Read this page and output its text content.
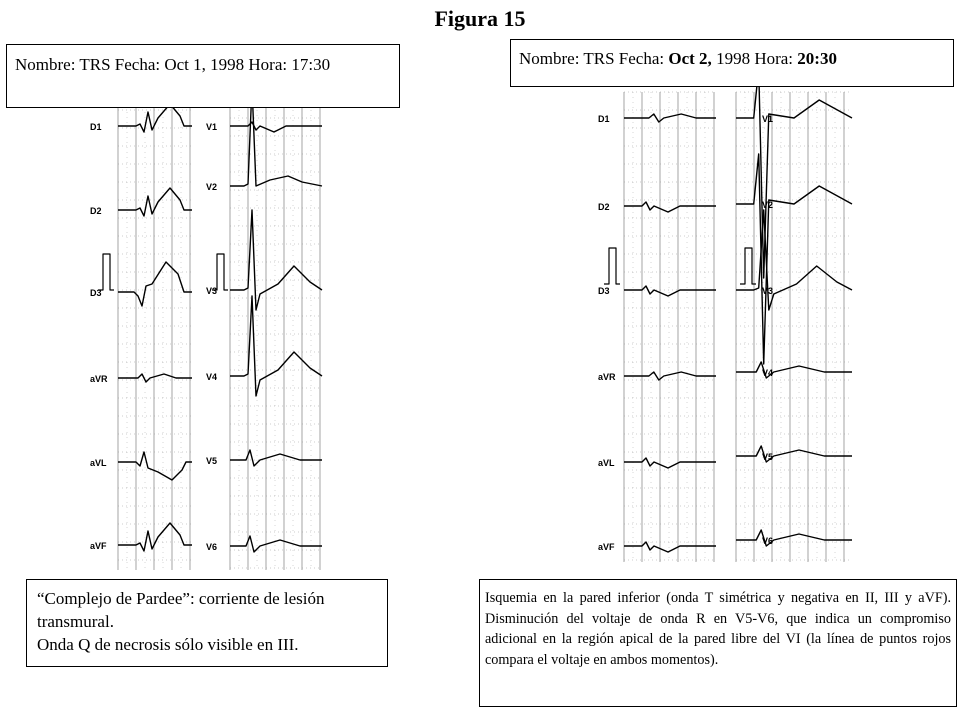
Figura 15
D1
D2
D3
aVR
aVL
aVF
V1
V2
V3
V4
V5
V6
D1
D2
D3
aVR
aVL
aVF
V1
V2
V3
V4
V5
V6
Nombre: TRS Fecha: Oct 1, 1998 Hora: 17:30	Nombre: TRS Fecha: Oct 2, 1998 Hora: 20:30
“Complejo de Pardee”: corriente de lesión transmural.
Onda Q de necrosis sólo visible en III.
Isquemia en la pared inferior (onda T simétrica y negativa en II, III y aVF). Disminución del voltaje de onda R en V5-V6, que indica un compromiso adicional en la región apical de la pared libre del VI (la línea de puntos rojos compara el voltaje en ambos momentos).
